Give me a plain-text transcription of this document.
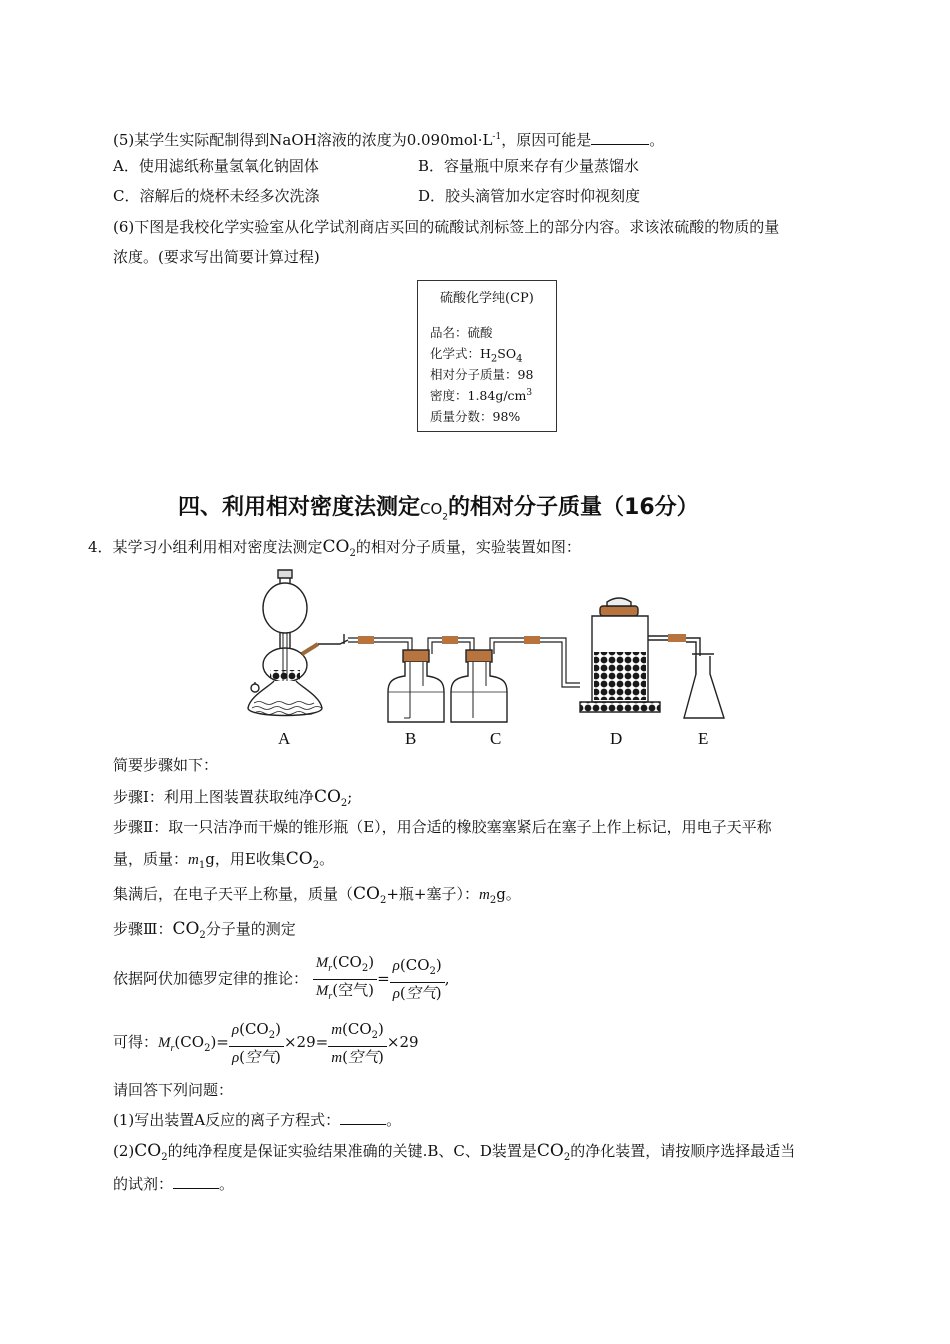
(5)某学生实际配制得到NaOH溶液的浓度为$0.090mol\cdot L^{-1}$，原因可能是	。
A．使用滤纸称量氢氧化钠固体	B．容量瓶中原来存有少量蒸馏水
C．溶解后的烧杯未经多次洗涤	D．胶头滴管加水定容时仰视刻度
(6)下图是我校化学实验室从化学试剂商店买回的硫酸试剂标签上的部分内容。求该浓硫酸的物质的量
浓度。(要求写出简要计算过程)
硫酸化学纯(CP)
品名：硫酸
化学式：$H_2SO_4$
相对分子质量：98
密度：$1.84g/cm^3$
质量分数：98%
四、利用相对密度法测定$CO_2$的相对分子质量（16分）
4．某学习小组利用相对密度法测定$CO_2$的相对分子质量，实验装置如图：
A	B	C	D	E
简要步骤如下：
步骤Ⅰ：利用上图装置获取纯净$CO_2$;
步骤Ⅱ：取一只洁净而干燥的锥形瓶（E），用合适的橡胶塞塞紧后在塞子上作上标记，用电子天平称
量，质量：$m_1g$，用E收集$CO_2$。
集满后，在电子天平上称量，质量（$CO_2+$瓶+塞子）：$m_2g$。
步骤Ⅲ：$CO_2$分子量的测定
依据阿伏加德罗定律的推论： $\frac{M_r(CO_2)}{M_r(空气)} = \frac{\rho(CO_2)}{\text{ρ(空气)}}$ ,
可得：$M_r(CO_2)= \frac{\rho(CO_2)}{\text{ρ(空气)}} \times 29= \frac{m(CO_2)}{\text{m(空气)}} \times 29$
请回答下列问题：
(1)写出装置A反应的离子方程式：	。
$(2)CO_2$的纯净程度是保证实验结果准确的关键.B、C、D装置是$CO_2$的净化装置，请按顺序选择最适当
的试剂：	。
